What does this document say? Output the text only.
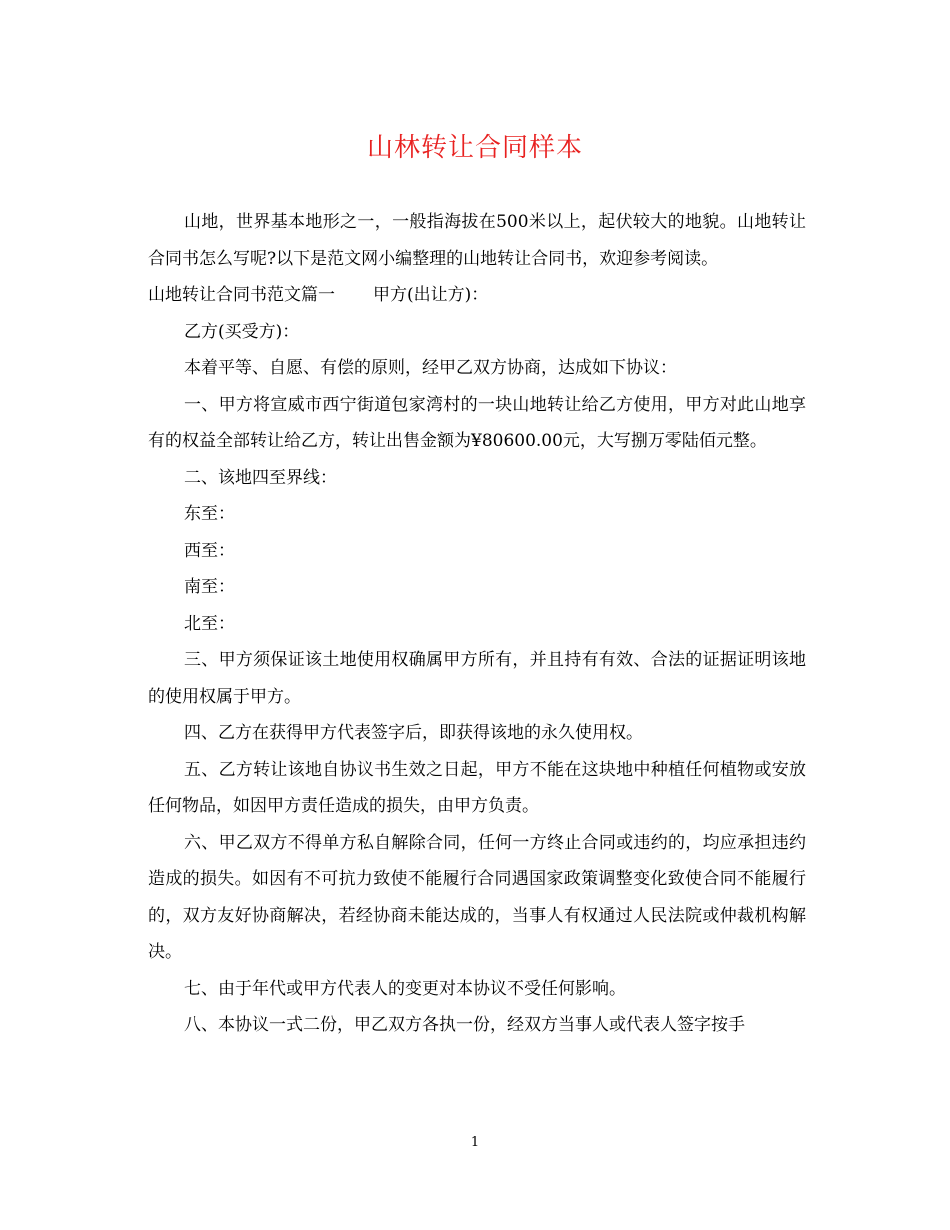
山林转让合同样本

山地，世界基本地形之一，一般指海拔在500米以上，起伏较大的地貌。山地转让合同书怎么写呢?以下是范文网小编整理的山地转让合同书，欢迎参考阅读。

山地转让合同书范文篇一 甲方(出让方)：

乙方(买受方)：

本着平等、自愿、有偿的原则，经甲乙双方协商，达成如下协议：

一、甲方将宣威市西宁街道包家湾村的一块山地转让给乙方使用，甲方对此山地享有的权益全部转让给乙方，转让出售金额为¥80600.00元，大写捌万零陆佰元整。

二、该地四至界线：

东至：

西至：

南至：

北至：

三、甲方须保证该土地使用权确属甲方所有，并且持有有效、合法的证据证明该地的使用权属于甲方。

四、乙方在获得甲方代表签字后，即获得该地的永久使用权。

五、乙方转让该地自协议书生效之日起，甲方不能在这块地中种植任何植物或安放任何物品，如因甲方责任造成的损失，由甲方负责。

六、甲乙双方不得单方私自解除合同，任何一方终止合同或违约的，均应承担违约造成的损失。如因有不可抗力致使不能履行合同遇国家政策调整变化致使合同不能履行的，双方友好协商解决，若经协商未能达成的，当事人有权通过人民法院或仲裁机构解决。

七、由于年代或甲方代表人的变更对本协议不受任何影响。

八、本协议一式二份，甲乙双方各执一份，经双方当事人或代表人签字按手

1
